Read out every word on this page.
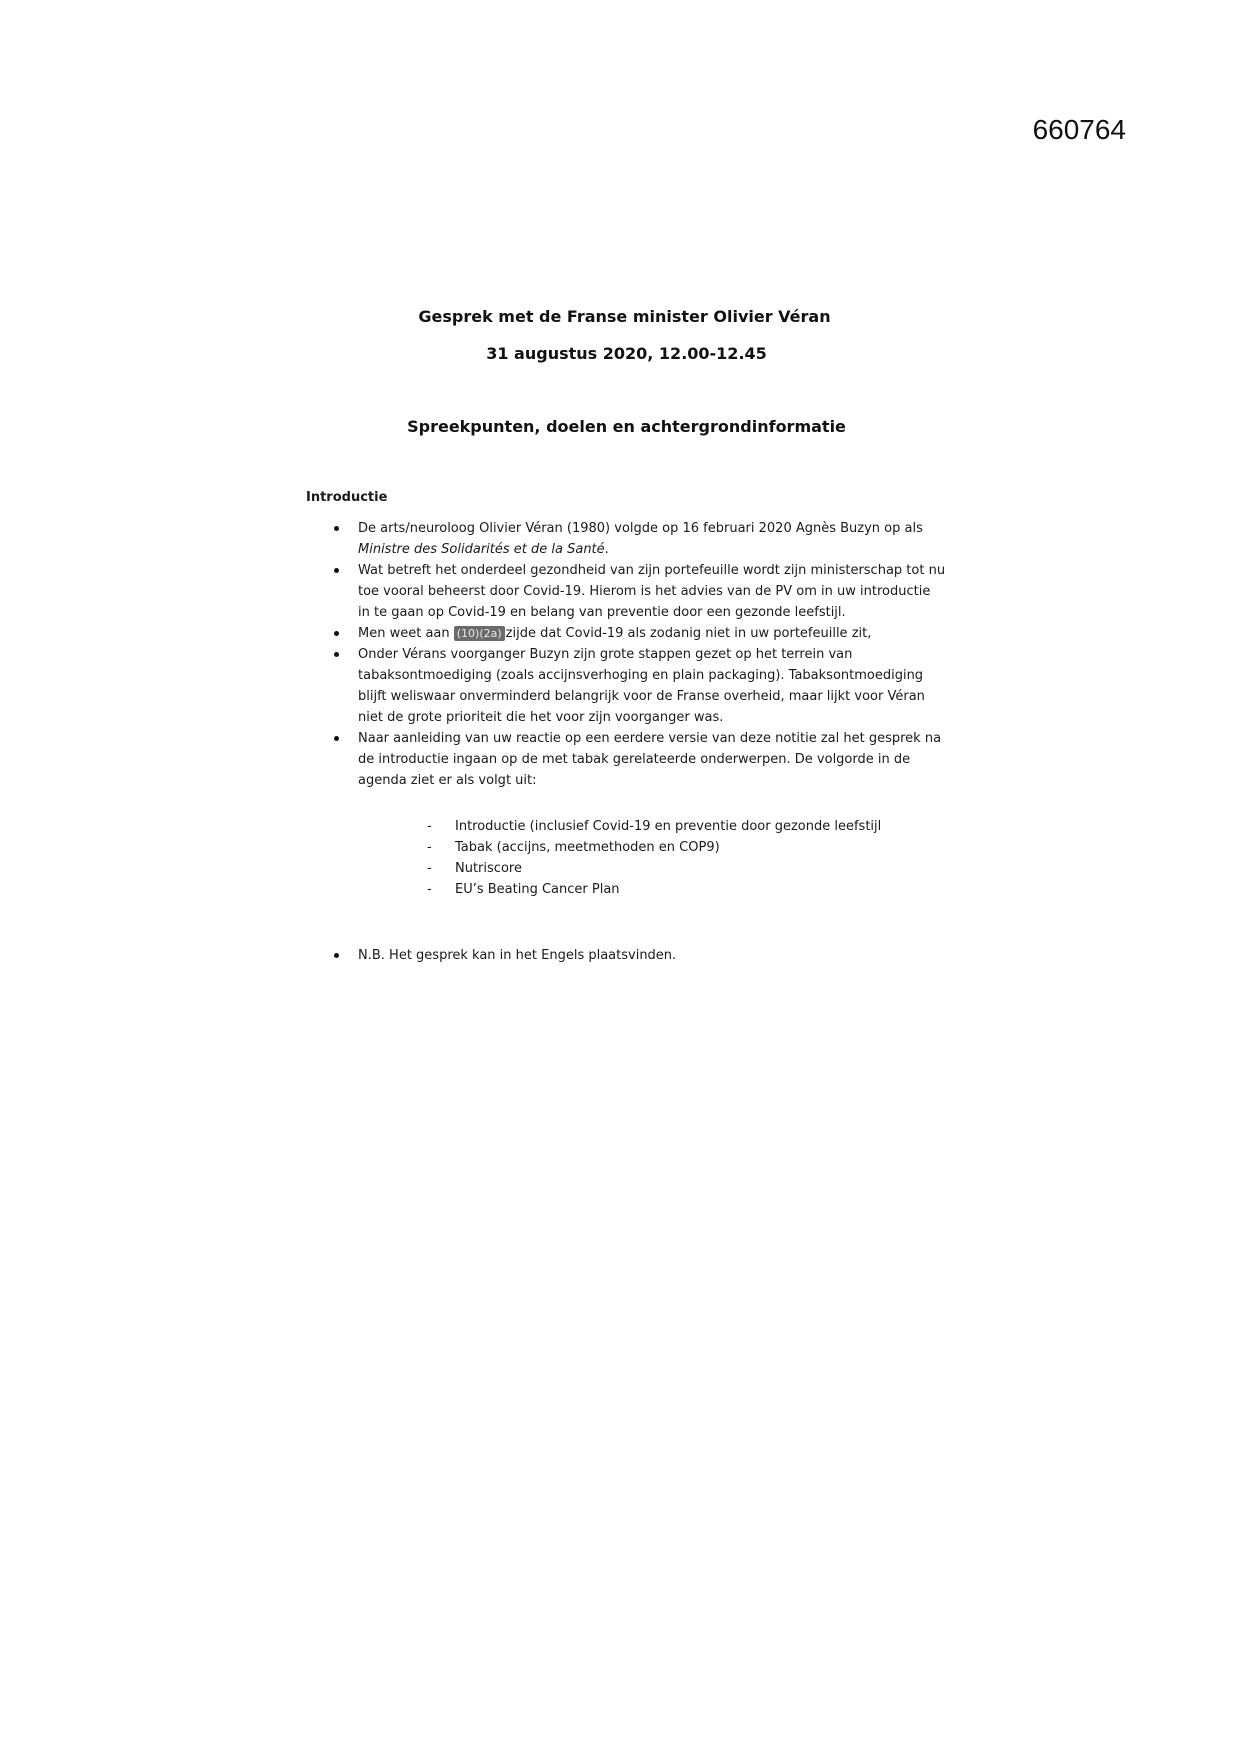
660764
Gesprek met de Franse minister Olivier Véran
31 augustus 2020, 12.00-12.45
Spreekpunten, doelen en achtergrondinformatie
Introductie
De arts/neuroloog Olivier Véran (1980) volgde op 16 februari 2020 Agnès Buzyn op als Ministre des Solidarités et de la Santé.
Wat betreft het onderdeel gezondheid van zijn portefeuille wordt zijn ministerschap tot nu toe vooral beheerst door Covid-19. Hierom is het advies van de PV om in uw introductie in te gaan op Covid-19 en belang van preventie door een gezonde leefstijl.
Men weet aan (10)(2a) zijde dat Covid-19 als zodanig niet in uw portefeuille zit,
Onder Vérans voorganger Buzyn zijn grote stappen gezet op het terrein van tabaksontmoediging (zoals accijnsverhoging en plain packaging). Tabaksontmoediging blijft weliswaar onverminderd belangrijk voor de Franse overheid, maar lijkt voor Véran niet de grote prioriteit die het voor zijn voorganger was.
Naar aanleiding van uw reactie op een eerdere versie van deze notitie zal het gesprek na de introductie ingaan op de met tabak gerelateerde onderwerpen. De volgorde in de agenda ziet er als volgt uit:
- Introductie (inclusief Covid-19 en preventie door gezonde leefstijl
- Tabak (accijns, meetmethoden en COP9)
- Nutriscore
- EU’s Beating Cancer Plan
N.B. Het gesprek kan in het Engels plaatsvinden.
